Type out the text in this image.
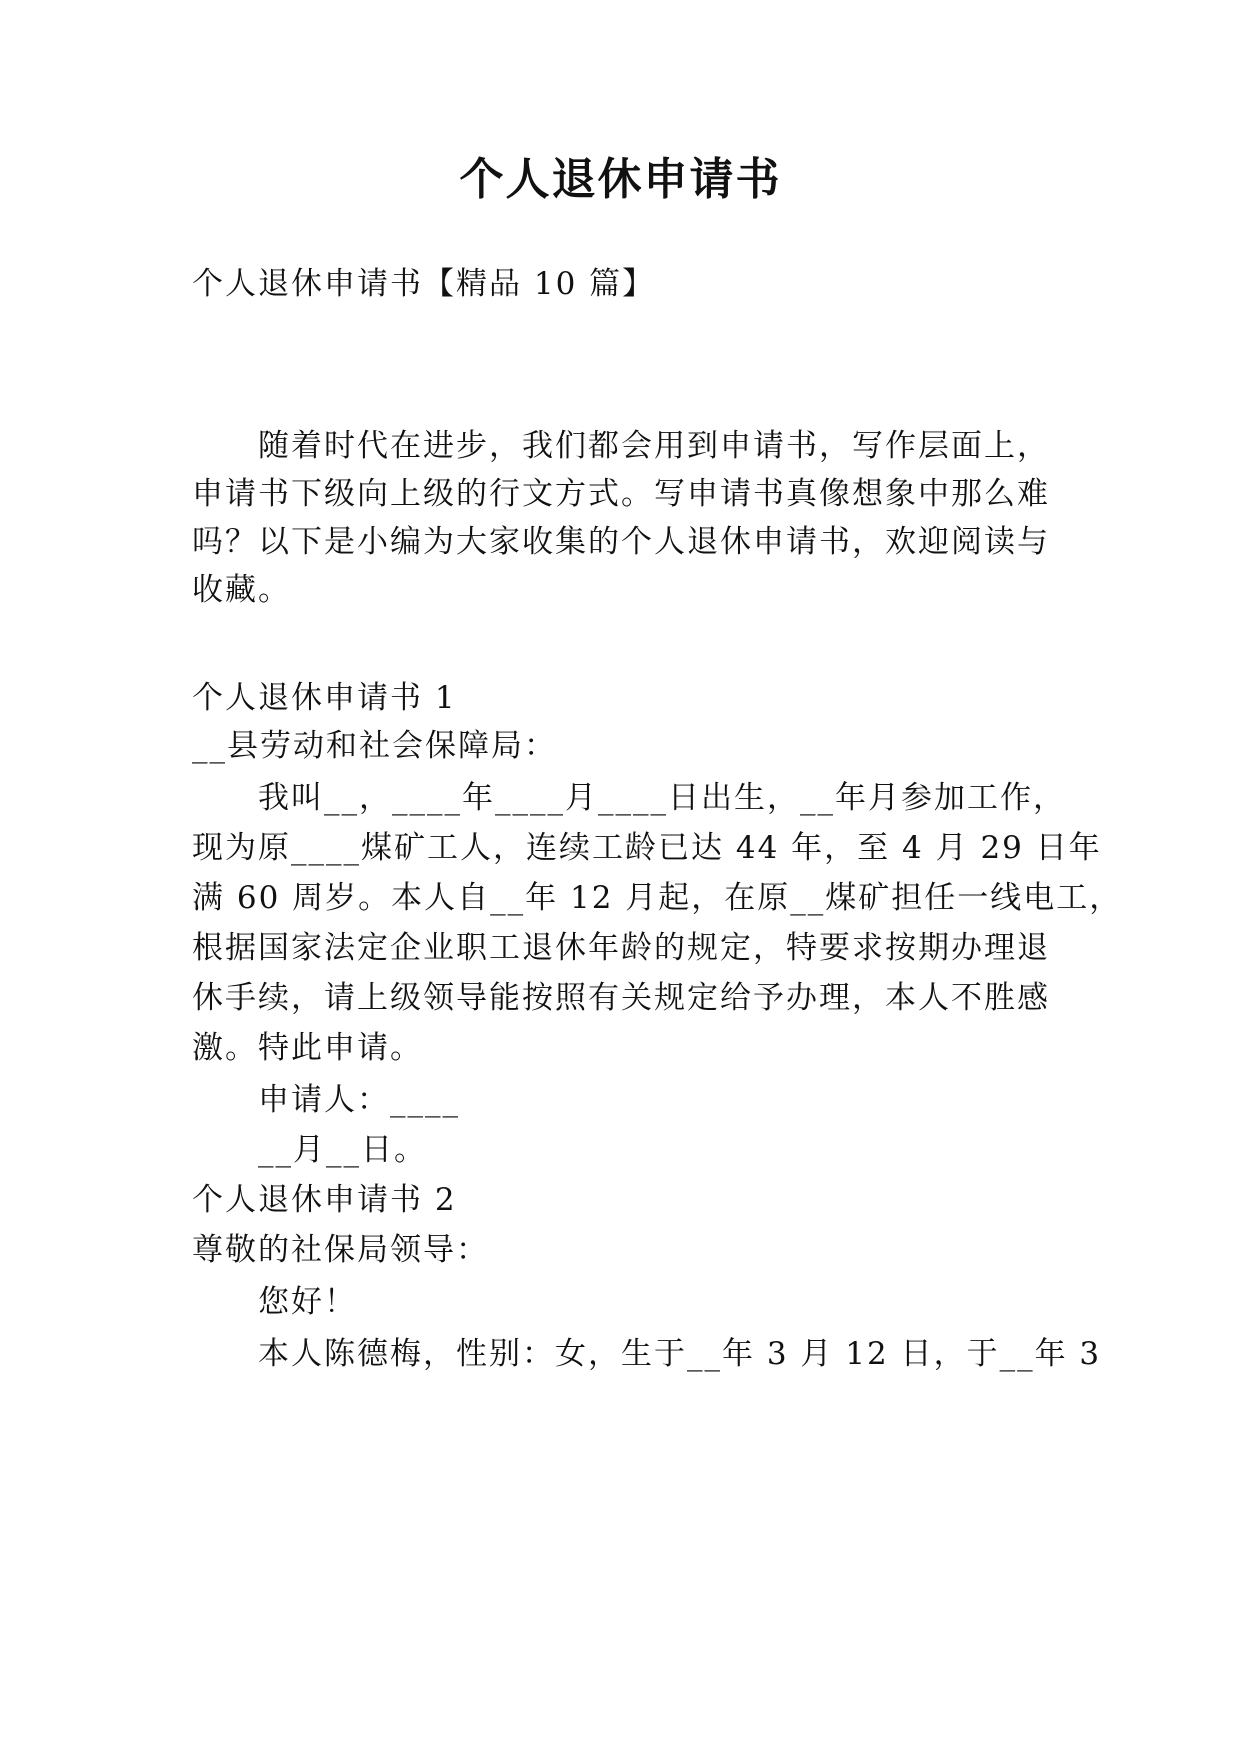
个人退休申请书
个人退休申请书【精品 10 篇】
随着时代在进步，我们都会用到申请书，写作层面上，
申请书下级向上级的行文方式。写申请书真像想象中那么难
吗？以下是小编为大家收集的个人退休申请书，欢迎阅读与
收藏。
个人退休申请书 1
__县劳动和社会保障局：
我叫__，____年____月____日出生，__年月参加工作，
现为原____煤矿工人，连续工龄已达 44 年，至 4 月 29 日年
满 60 周岁。本人自__年 12 月起，在原__煤矿担任一线电工，
根据国家法定企业职工退休年龄的规定，特要求按期办理退
休手续，请上级领导能按照有关规定给予办理，本人不胜感
激。特此申请。
申请人：____
__月__日。
个人退休申请书 2
尊敬的社保局领导：
您好！
本人陈德梅，性别：女，生于__年 3 月 12 日，于__年 3
